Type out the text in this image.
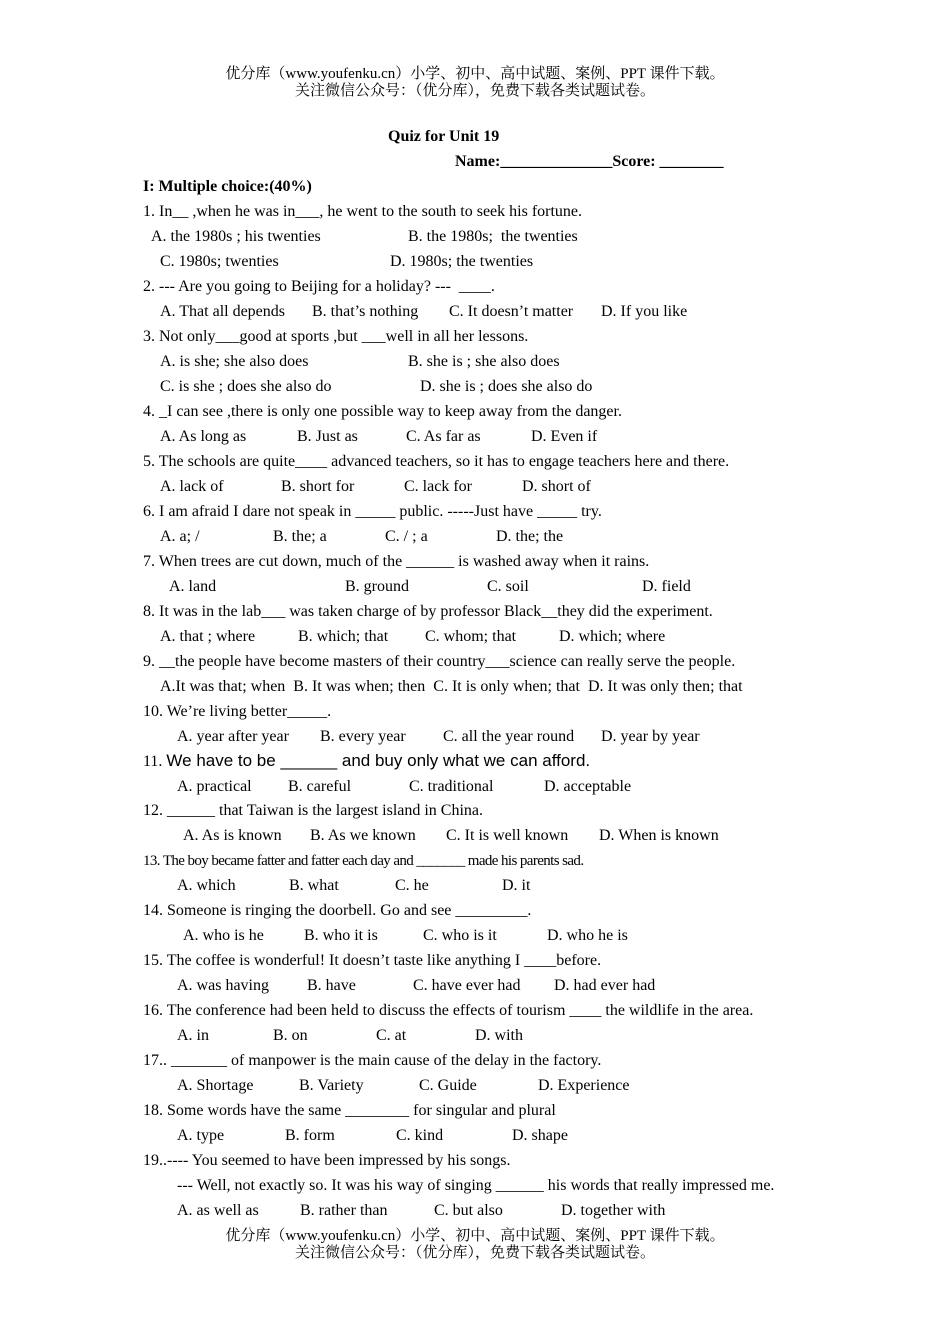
优分库（www.youfenku.cn）小学、初中、高中试题、案例、PPT 课件下载。
关注微信公众号：（优分库），免费下载各类试题试卷。
Quiz for Unit 19
Name:______________Score: ________
I: Multiple choice:(40%)
1. In__ ,when he was in___, he went to the south to seek his fortune.
A. the 1980s ; his twenties	B. the 1980s;  the twenties
C. 1980s; twenties	D. 1980s; the twenties
2. --- Are you going to Beijing for a holiday? ---  ____.
A. That all depends B. that’s nothing C. It doesn’t matter D. If you like
3. Not only___good at sports ,but ___well in all her lessons.
A. is she; she also does	B. she is ; she also does
C. is she ; does she also do	D. she is ; does she also do
4. _I can see ,there is only one possible way to keep away from the danger.
A. As long as	B. Just as	C. As far as	D. Even if
5. The schools are quite____ advanced teachers, so it has to engage teachers here and there.
A. lack of	B. short for	C. lack for	D. short of
6. I am afraid I dare not speak in _____ public. -----Just have _____ try.
A. a; /	B. the; a	C. / ; a	D. the; the
7. When trees are cut down, much of the ______ is washed away when it rains.
A. land	B. ground	C. soil	D. field
8. It was in the lab___ was taken charge of by professor Black__they did the experiment.
A. that ; where	B. which; that C. whom; that	D. which; where
9. __the people have become masters of their country___science can really serve the people.
A.It was that; when  B. It was when; then  C. It is only when; that  D. It was only then; that
10. We’re living better_____.
A. year after year B. every year C. all the year round D. year by year
11. We have to be ______ and buy only what we can afford.
A. practical B. careful	C. traditional	D. acceptable
12. ______ that Taiwan is the largest island in China.
A. As is known B. As we known C. It is well known D. When is known
13. The boy became fatter and fatter each day and _______ made his parents sad.
A. which	B. what	C. he	D. it
14. Someone is ringing the doorbell. Go and see _________.
A. who is he	B. who it is	C. who is it	D. who he is
15. The coffee is wonderful! It doesn’t taste like anything I ____before.
A. was having B. have	C. have ever had D. had ever had
16. The conference had been held to discuss the effects of tourism ____ the wildlife in the area.
A. in	B. on	C. at	D. with
17.. _______ of manpower is the main cause of the delay in the factory.
A. Shortage	B. Variety	C. Guide	D. Experience
18. Some words have the same ________ for singular and plural
A. type	B. form	C. kind	D. shape
19..---- You seemed to have been impressed by his songs.
--- Well, not exactly so. It was his way of singing ______ his words that really impressed me.
A. as well as	B. rather than	C. but also	D. together with
优分库（www.youfenku.cn）小学、初中、高中试题、案例、PPT 课件下载。
关注微信公众号：（优分库），免费下载各类试题试卷。
